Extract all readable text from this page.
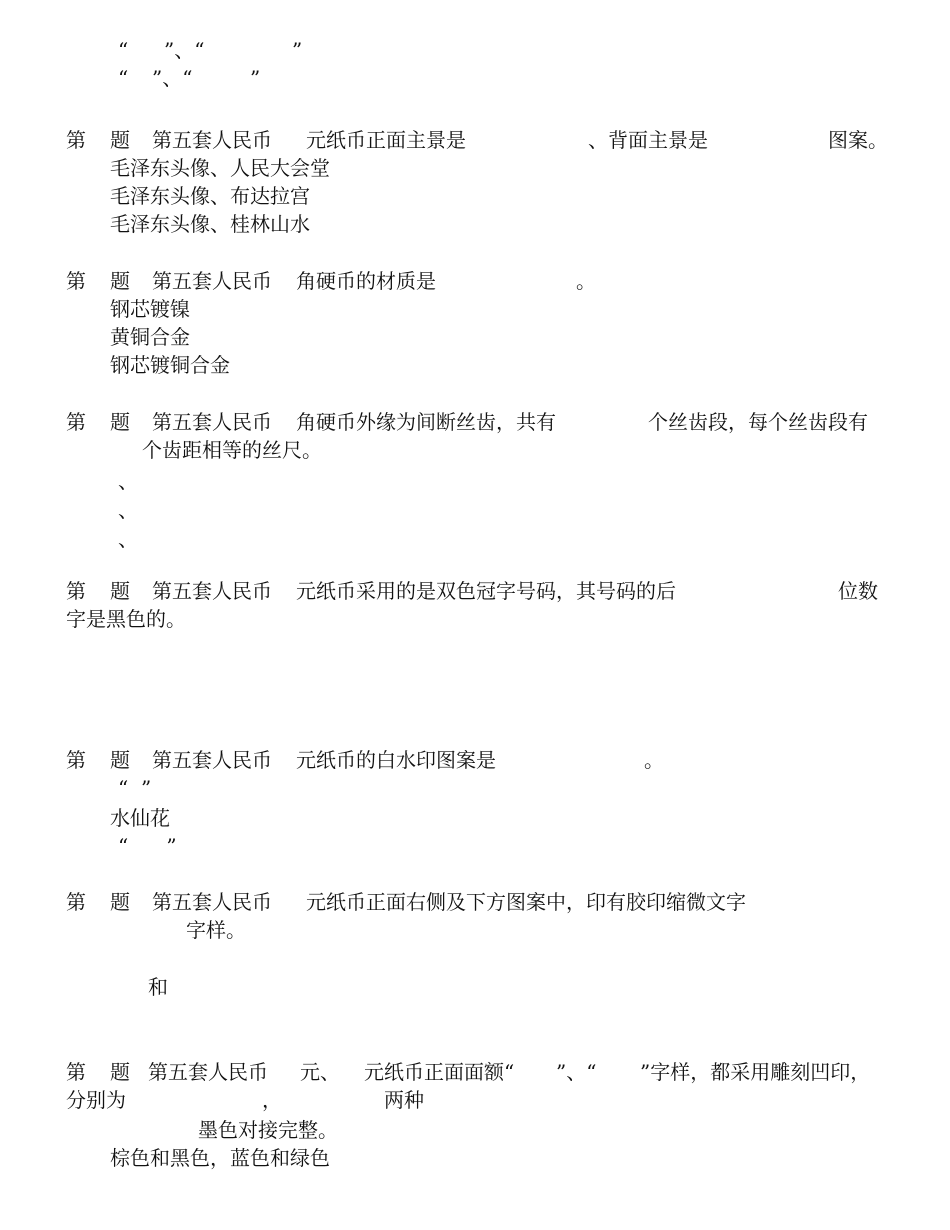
“ ”、“	”
“ ”、“	”
第 题 第五套人民币 元纸币正面主景是	、背面主景是	图案。
毛泽东头像、人民大会堂
毛泽东头像、布达拉宫
毛泽东头像、桂林山水
第 题 第五套人民币 角硬币的材质是	。
钢芯镀镍
黄铜合金
钢芯镀铜合金
第 题 第五套人民币 角硬币外缘为间断丝齿，共有	个丝齿段，每个丝齿段有
个齿距相等的丝尺。
、
、
、
第 题 第五套人民币 元纸币采用的是双色冠字号码，其号码的后	位数
字是黑色的。
第 题 第五套人民币 元纸币的白水印图案是	。
“  ”
水仙花
“      ”
第 题 第五套人民币 元纸币正面右侧及下方图案中，印有胶印缩微文字
字样。
和
第 题 第五套人民币 元、 元纸币正面面额“ ”、“ ”字样，都采用雕刻凹印，
分别为	，	两种
墨色对接完整。
棕色和黑色，蓝色和绿色
